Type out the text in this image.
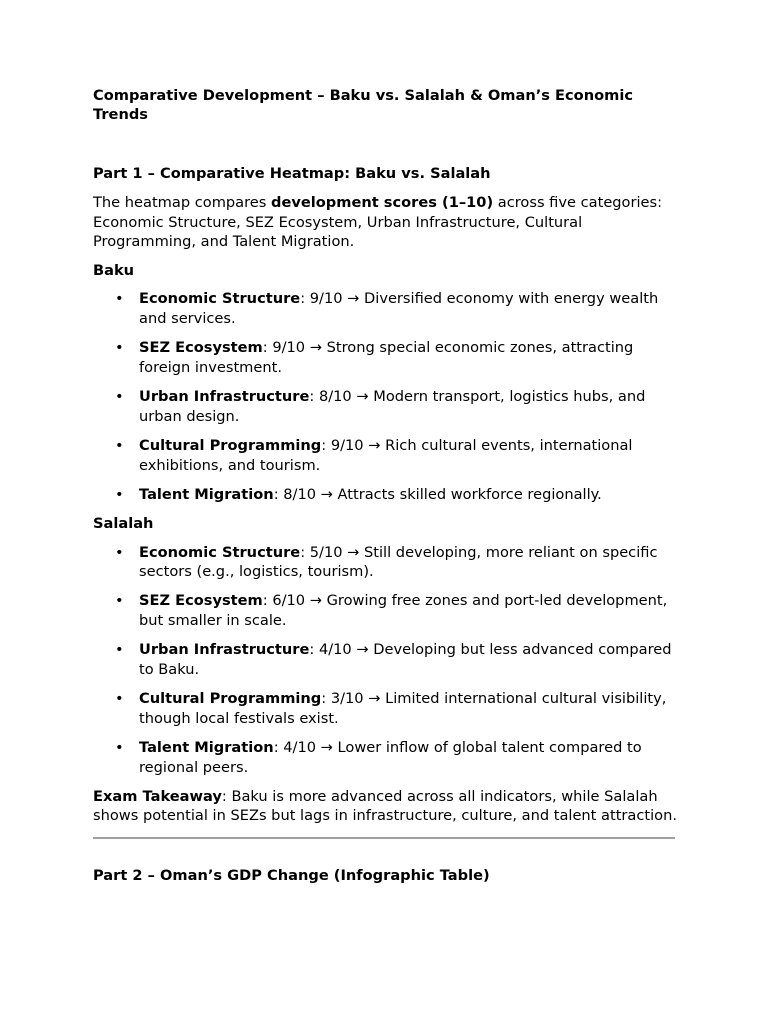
Comparative Development – Baku vs. Salalah & Oman’s Economic Trends

Part 1 – Comparative Heatmap: Baku vs. Salalah

The heatmap compares development scores (1–10) across five categories: Economic Structure, SEZ Ecosystem, Urban Infrastructure, Cultural Programming, and Talent Migration.

Baku

• Economic Structure: 9/10 → Diversified economy with energy wealth and services.
• SEZ Ecosystem: 9/10 → Strong special economic zones, attracting foreign investment.
• Urban Infrastructure: 8/10 → Modern transport, logistics hubs, and urban design.
• Cultural Programming: 9/10 → Rich cultural events, international exhibitions, and tourism.
• Talent Migration: 8/10 → Attracts skilled workforce regionally.

Salalah

• Economic Structure: 5/10 → Still developing, more reliant on specific sectors (e.g., logistics, tourism).
• SEZ Ecosystem: 6/10 → Growing free zones and port-led development, but smaller in scale.
• Urban Infrastructure: 4/10 → Developing but less advanced compared to Baku.
• Cultural Programming: 3/10 → Limited international cultural visibility, though local festivals exist.
• Talent Migration: 4/10 → Lower inflow of global talent compared to regional peers.

Exam Takeaway: Baku is more advanced across all indicators, while Salalah shows potential in SEZs but lags in infrastructure, culture, and talent attraction.

Part 2 – Oman’s GDP Change (Infographic Table)
